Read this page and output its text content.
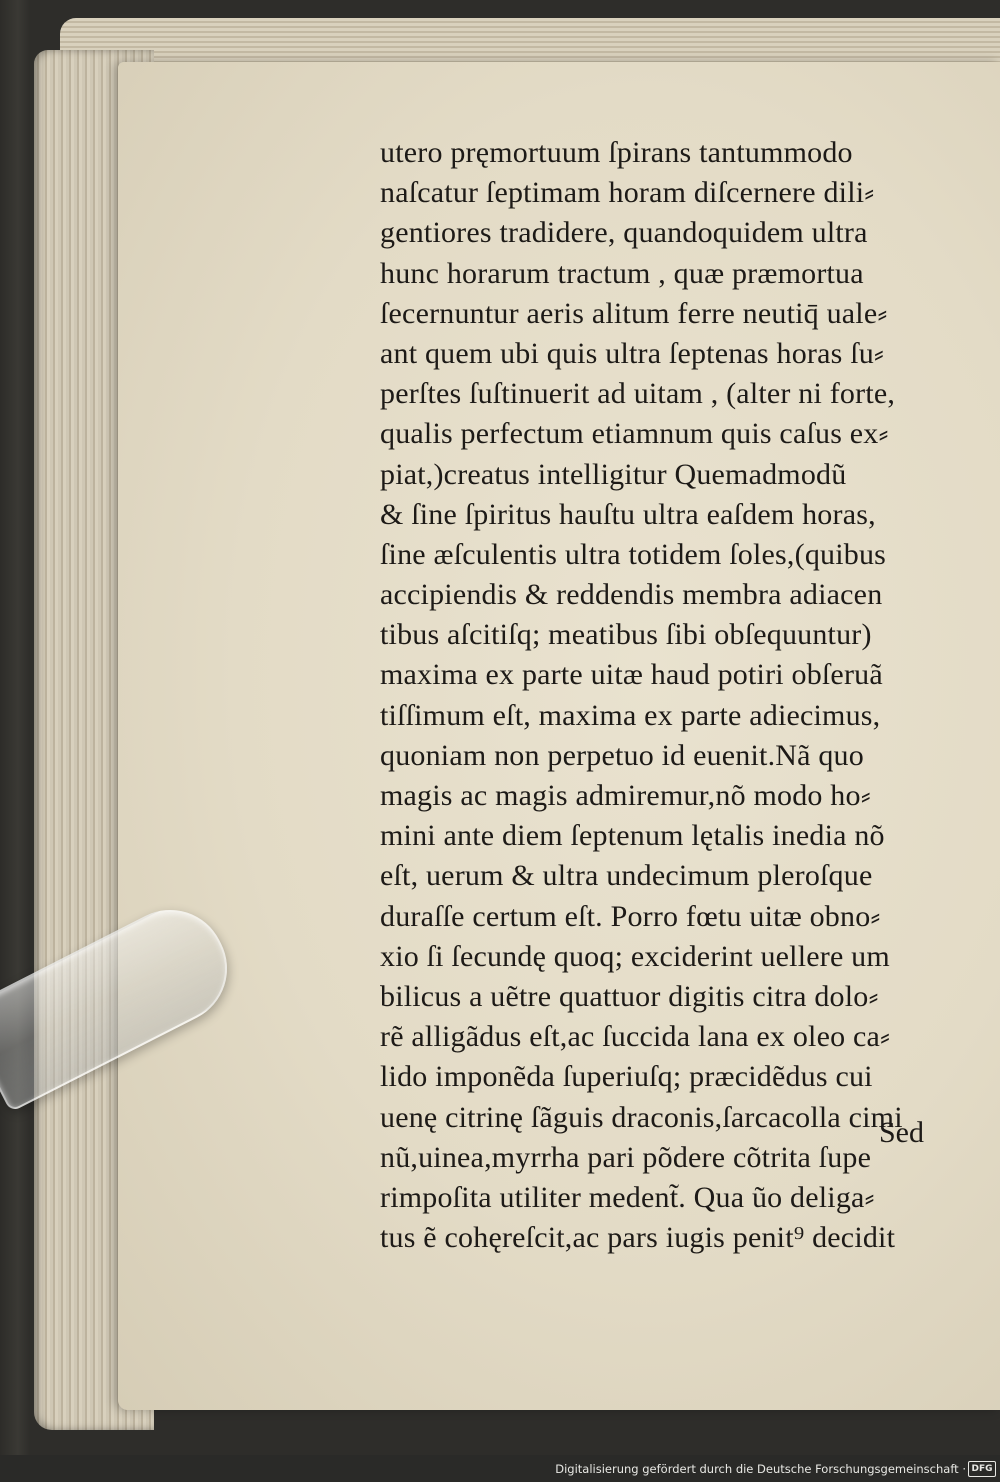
utero pręmortuum ſpirans tantummodo
naſcatur ſeptimam horam diſcernere dili⸗
gentiores tradidere, quandoquidem ultra
hunc horarum tractum , quæ præmortua
ſecernuntur aeris alitum ferre neutiq̄ uale⸗
ant quem ubi quis ultra ſeptenas horas ſu⸗
perſtes ſuſtinuerit ad uitam , (alter ni forte,
qualis perfectum etiamnum quis caſus ex⸗
piat,)creatus intelligitur Quemadmodũ
& ſine ſpiritus hauſtu ultra eaſdem horas,
ſine æſculentis ultra totidem ſoles,(quibus
accipiendis & reddendis membra adiacen
tibus aſcitiſq; meatibus ſibi obſequuntur)
maxima ex parte uitæ haud potiri obſeruã
tiſſimum eſt, maxima ex parte adiecimus,
quoniam non perpetuo id euenit.Nã quo
magis ac magis admiremur,nõ modo ho⸗
mini ante diem ſeptenum lętalis inedia nõ
eſt, uerum & ultra undecimum pleroſque
duraſſe certum eſt. Porro fœtu uitæ obno⸗
xio ſi ſecundę quoq; exciderint uellere um
bilicus a uẽtre quattuor digitis citra dolo⸗
rẽ alligãdus eſt,ac ſuccida lana ex oleo ca⸗
lido imponẽda ſuperiuſq; præcidẽdus cui
uenę citrinę ſãguis draconis,ſarcacolla cimi
nũ,uinea,myrrha pari põdere cõtrita ſupe
rimpoſita utiliter medent̃. Qua ũo deliga⸗
tus ẽ cohęreſcit,ac pars iugis penit⁹ decidit
Sed
Digitalisierung gefördert durch die Deutsche Forschungsgemeinschaft · DFG
